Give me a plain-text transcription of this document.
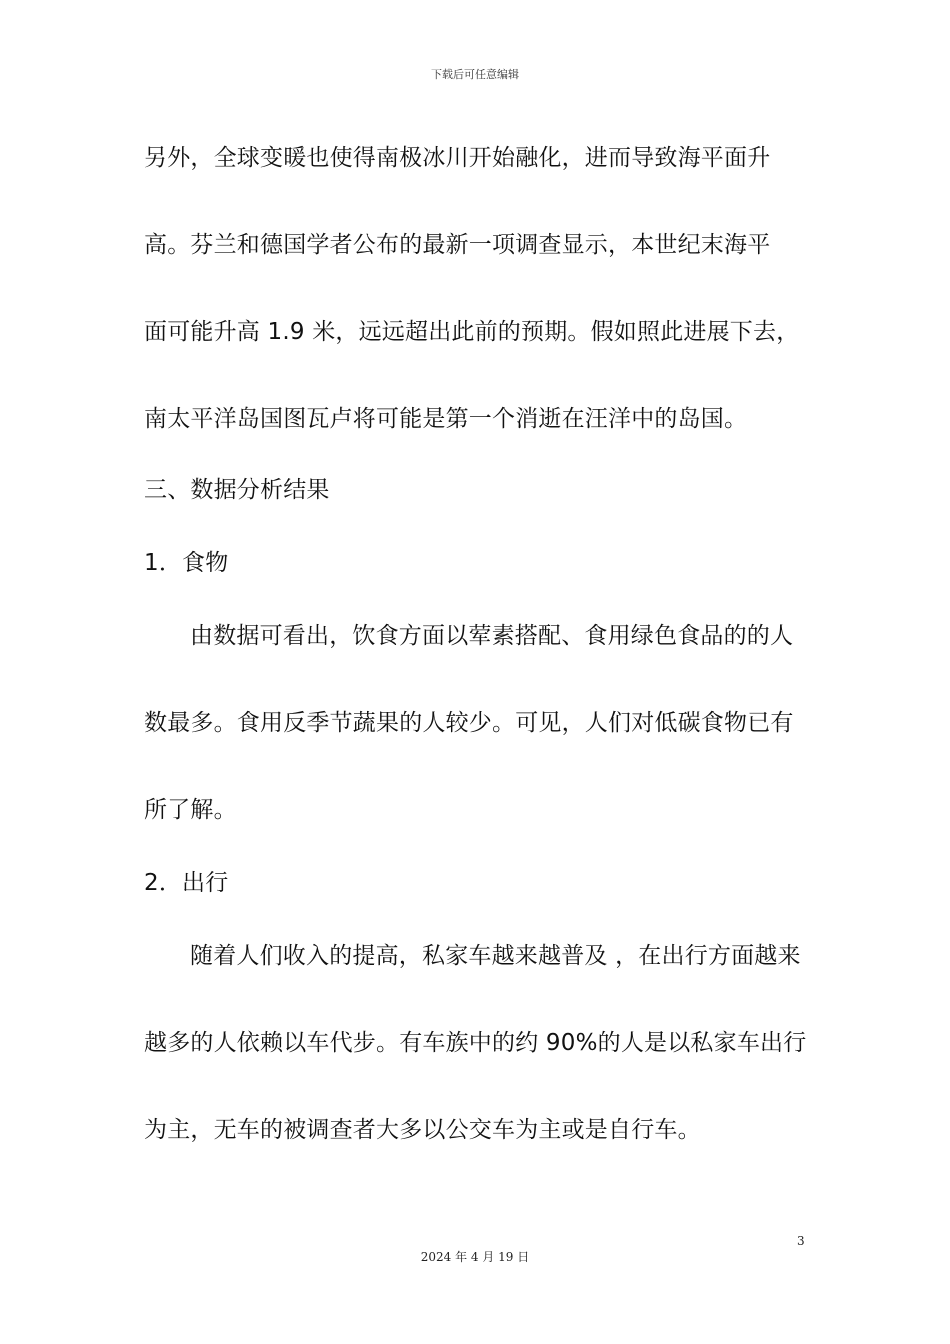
下载后可任意编辑
另外，全球变暖也使得南极冰川开始融化，进而导致海平面升
高。芬兰和德国学者公布的最新一项调查显示，本世纪末海平
面可能升高 1.9 米，远远超出此前的预期。假如照此进展下去，
南太平洋岛国图瓦卢将可能是第一个消逝在汪洋中的岛国。
三、数据分析结果
1．食物
由数据可看出，饮食方面以荤素搭配、食用绿色食品的的人
数最多。食用反季节蔬果的人较少。可见，人们对低碳食物已有
所了解。
2．出行
随着人们收入的提高，私家车越来越普及 ，在出行方面越来
越多的人依赖以车代步。有车族中的约 90%的人是以私家车出行
为主，无车的被调查者大多以公交车为主或是自行车。
3
2024 年 4 月 19 日
